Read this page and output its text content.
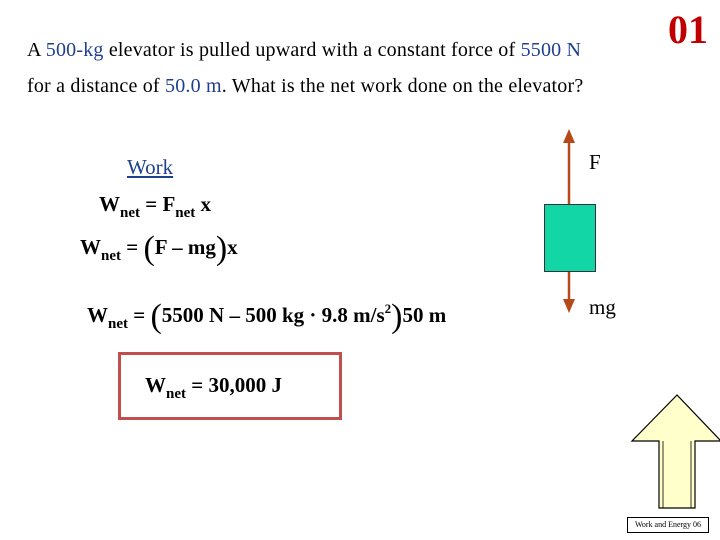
01
A 500-kg elevator is pulled upward with a constant force of 5500 N for a distance of 50.0 m. What is the net work done on the elevator?
Work
$W_{net} = F_{net}$ x
$W_{net} = (F - mg)x$
$W_{net} = (5500$ N – 500 kg · 9.8 $m/s^2)50$ m
$W_{net} = 30,000$ J
F
mg
Work and Energy 06
